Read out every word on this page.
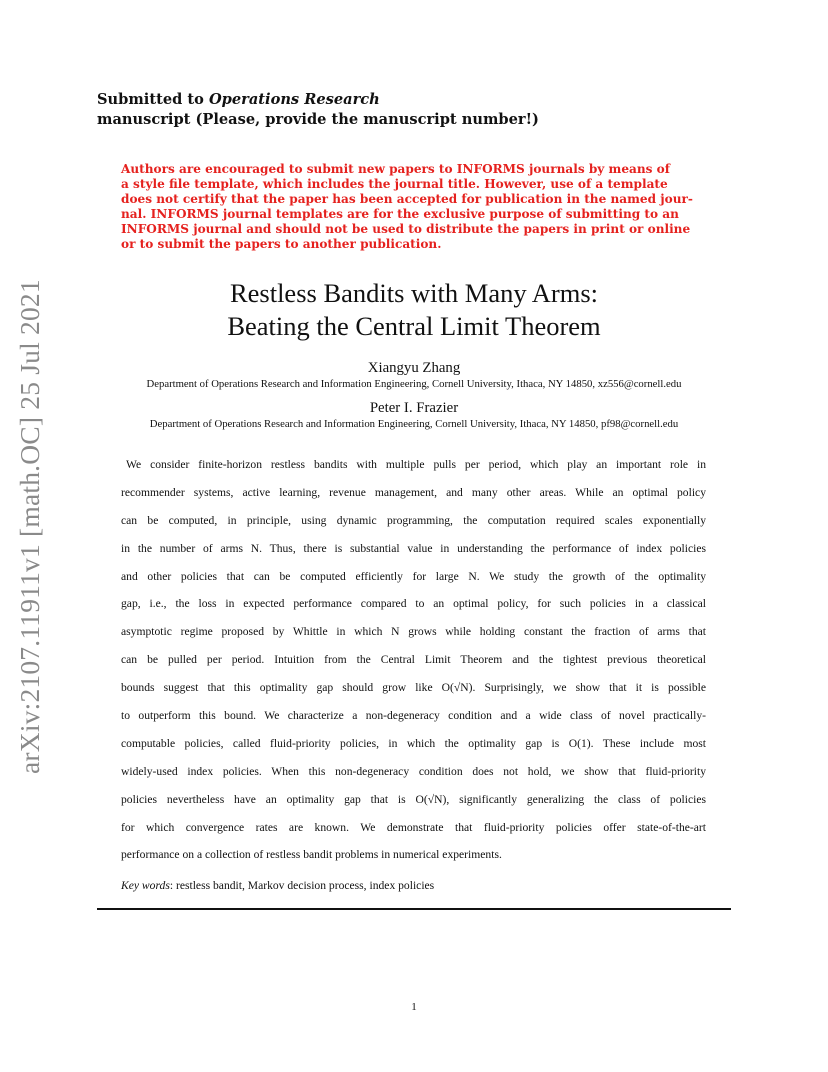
arXiv:2107.11911v1 [math.OC] 25 Jul 2021
Submitted to Operations Research
manuscript (Please, provide the manuscript number!)
Authors are encouraged to submit new papers to INFORMS journals by means of
a style file template, which includes the journal title. However, use of a template
does not certify that the paper has been accepted for publication in the named jour-
nal. INFORMS journal templates are for the exclusive purpose of submitting to an
INFORMS journal and should not be used to distribute the papers in print or online
or to submit the papers to another publication.
Restless Bandits with Many Arms:
Beating the Central Limit Theorem
Xiangyu Zhang
Department of Operations Research and Information Engineering, Cornell University, Ithaca, NY 14850, xz556@cornell.edu
Peter I. Frazier
Department of Operations Research and Information Engineering, Cornell University, Ithaca, NY 14850, pf98@cornell.edu
We consider finite-horizon restless bandits with multiple pulls per period, which play an important role in
recommender systems, active learning, revenue management, and many other areas. While an optimal policy
can be computed, in principle, using dynamic programming, the computation required scales exponentially
in the number of arms N. Thus, there is substantial value in understanding the performance of index policies
and other policies that can be computed efficiently for large N. We study the growth of the optimality
gap, i.e., the loss in expected performance compared to an optimal policy, for such policies in a classical
asymptotic regime proposed by Whittle in which N grows while holding constant the fraction of arms that
can be pulled per period. Intuition from the Central Limit Theorem and the tightest previous theoretical
bounds suggest that this optimality gap should grow like O(√N). Surprisingly, we show that it is possible
to outperform this bound. We characterize a non-degeneracy condition and a wide class of novel practically-
computable policies, called fluid-priority policies, in which the optimality gap is O(1). These include most
widely-used index policies. When this non-degeneracy condition does not hold, we show that fluid-priority
policies nevertheless have an optimality gap that is O(√N), significantly generalizing the class of policies
for which convergence rates are known. We demonstrate that fluid-priority policies offer state-of-the-art
performance on a collection of restless bandit problems in numerical experiments.
Key words: restless bandit, Markov decision process, index policies
1
